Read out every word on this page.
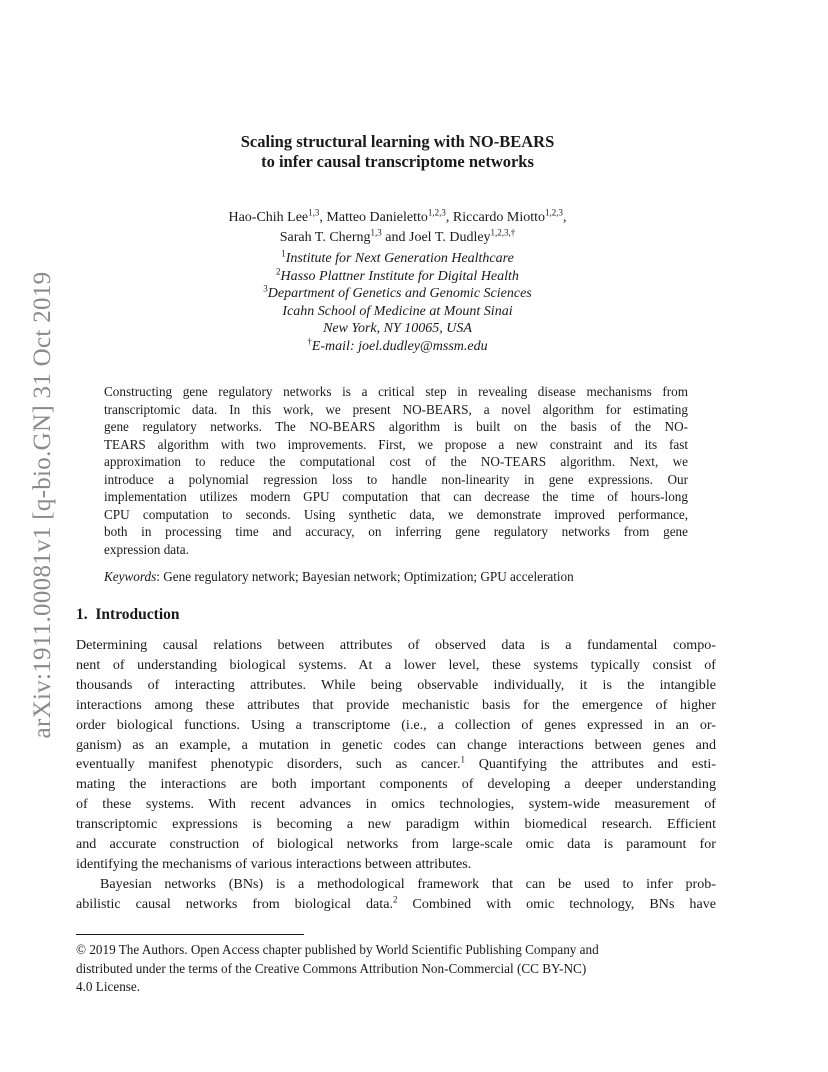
arXiv:1911.00081v1 [q-bio.GN] 31 Oct 2019
Scaling structural learning with NO-BEARS
to infer causal transcriptome networks
Hao-Chih Lee$^{1,3}$, Matteo Danieletto$^{1,2,3}$, Riccardo Miotto$^{1,2,3}$,
Sarah T. Cherng$^{1,3}$ and Joel T. Dudley$^{1,2,3,\dagger}$
$^1$Institute for Next Generation Healthcare
$^2$Hasso Plattner Institute for Digital Health
$^3$Department of Genetics and Genomic Sciences
Icahn School of Medicine at Mount Sinai
New York, NY 10065, USA
†E-mail: joel.dudley@mssm.edu
Constructing gene regulatory networks is a critical step in revealing disease mechanisms from
transcriptomic data. In this work, we present NO-BEARS, a novel algorithm for estimating
gene regulatory networks. The NO-BEARS algorithm is built on the basis of the NO-
TEARS algorithm with two improvements. First, we propose a new constraint and its fast
approximation to reduce the computational cost of the NO-TEARS algorithm. Next, we
introduce a polynomial regression loss to handle non-linearity in gene expressions. Our
implementation utilizes modern GPU computation that can decrease the time of hours-long
CPU computation to seconds. Using synthetic data, we demonstrate improved performance,
both in processing time and accuracy, on inferring gene regulatory networks from gene
expression data.
Keywords: Gene regulatory network; Bayesian network; Optimization; GPU acceleration
1. Introduction
Determining causal relations between attributes of observed data is a fundamental compo-
nent of understanding biological systems. At a lower level, these systems typically consist of
thousands of interacting attributes. While being observable individually, it is the intangible
interactions among these attributes that provide mechanistic basis for the emergence of higher
order biological functions. Using a transcriptome (i.e., a collection of genes expressed in an or-
ganism) as an example, a mutation in genetic codes can change interactions between genes and
eventually manifest phenotypic disorders, such as cancer.$^1$ Quantifying the attributes and esti-
mating the interactions are both important components of developing a deeper understanding
of these systems. With recent advances in omics technologies, system-wide measurement of
transcriptomic expressions is becoming a new paradigm within biomedical research. Efficient
and accurate construction of biological networks from large-scale omic data is paramount for
identifying the mechanisms of various interactions between attributes.
Bayesian networks (BNs) is a methodological framework that can be used to infer prob-
abilistic causal networks from biological data.$^2$ Combined with omic technology, BNs have
© 2019 The Authors. Open Access chapter published by World Scientific Publishing Company and
distributed under the terms of the Creative Commons Attribution Non-Commercial (CC BY-NC)
4.0 License.
